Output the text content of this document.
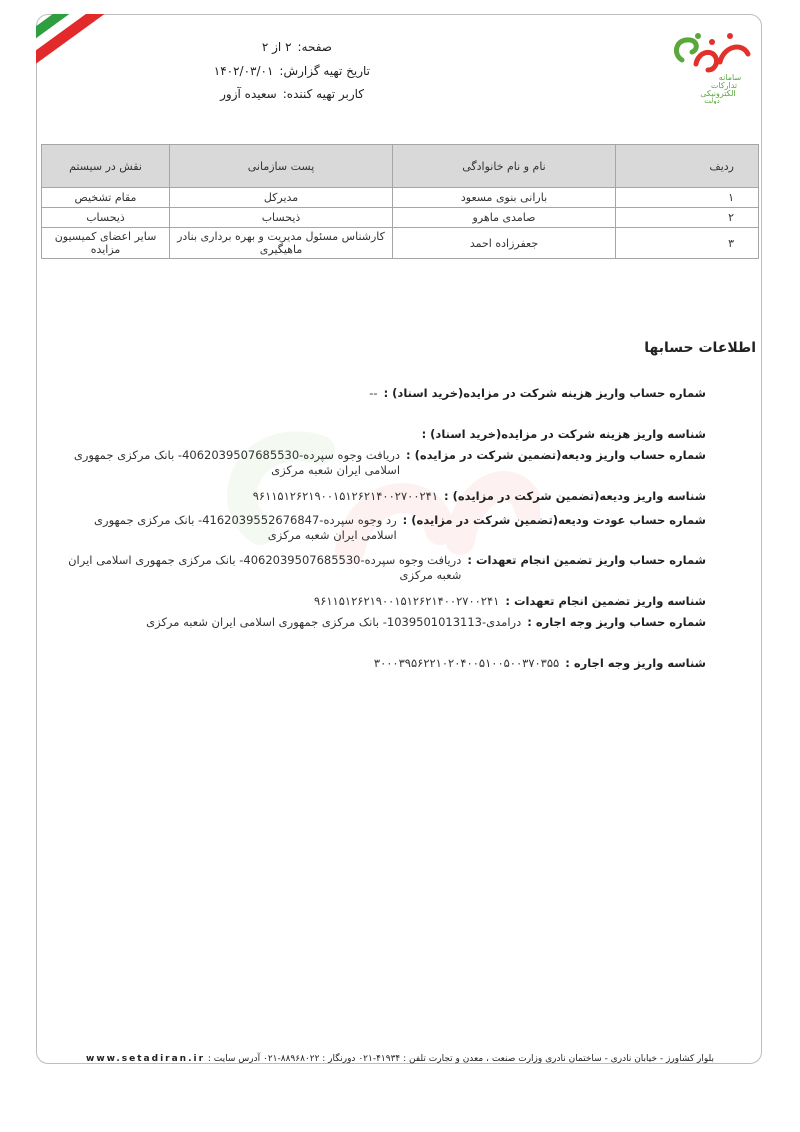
سامانه
تدارکات
الکترونیکی
دولت
صفحه:۲ از ۲
تاریخ تهیه گزارش:۱۴۰۲/۰۳/۰۱
کاربر تهیه کننده:سعیده آزور
ردیف	نام و نام خانوادگی	پست سازمانی	نقش در سیستم
۱	بارانی بنوی مسعود	مدیرکل	مقام تشخیص
۲	صامدی ماهرو	ذیحساب	ذیحساب
۳	جعفرزاده احمد	کارشناس مسئول مدیریت و بهره برداری بنادر ماهیگیری	سایر اعضای کمیسیون مزایده
اطلاعات حسابها
شماره حساب واریز هزینه شرکت در مزایده(خرید اسناد) :
--
شناسه واریز هزینه شرکت در مزایده(خرید اسناد) :
شماره حساب واریز ودیعه(تضمین شرکت در مزایده) :
دریافت وجوه سپرده-4062039507685530- بانک مرکزی جمهوری اسلامی ایران شعبه مرکزی
شناسه واریز ودیعه(تضمین شرکت در مزایده) :
۹۶۱۱۵۱۲۶۲۱۹۰۰۱۵۱۲۶۲۱۴۰۰۲۷۰۰۲۴۱
شماره حساب عودت ودیعه(تضمین شرکت در مزایده) :
رد وجوه سپرده-4162039552676847- بانک مرکزی جمهوری اسلامی ایران شعبه مرکزی
شماره حساب واریز تضمین انجام تعهدات :
دریافت وجوه سپرده-4062039507685530- بانک مرکزی جمهوری اسلامی ایران شعبه مرکزی
شناسه واریز تضمین انجام تعهدات :
۹۶۱۱۵۱۲۶۲۱۹۰۰۱۵۱۲۶۲۱۴۰۰۲۷۰۰۲۴۱
شماره حساب واریز وجه اجاره :
درامدی-1039501013113- بانک مرکزی جمهوری اسلامی ایران شعبه مرکزی
شناسه واریز وجه اجاره :
۳۰۰۰۳۹۵۶۲۲۱۰۲۰۴۰۰۵۱۰۰۵۰۰۳۷۰۳۵۵
بلوار کشاورز - خیابان نادری - ساختمان نادری وزارت صنعت ، معدن و تجارت تلفن : ۴۱۹۳۴-۰۲۱ دورنگار : ۸۸۹۶۸۰۲۲-۰۲۱ آدرس سایت : www.setadiran.ir
